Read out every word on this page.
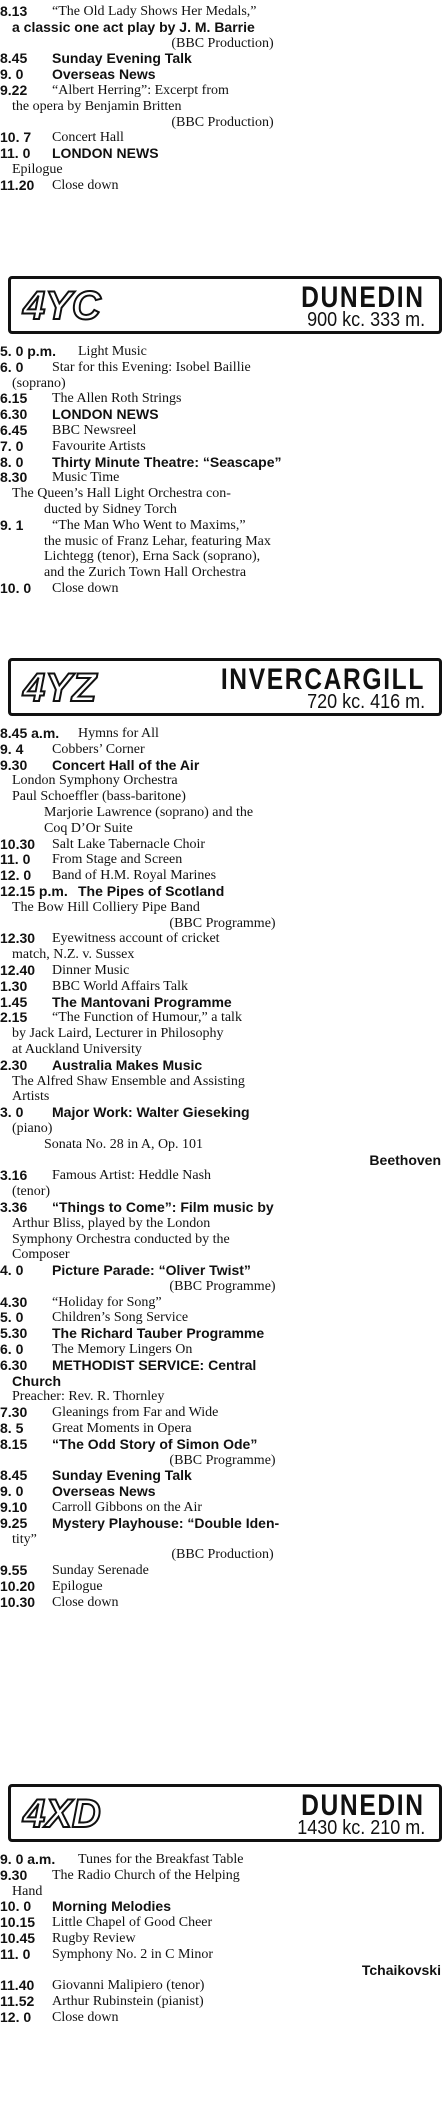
8.13 “The Old Lady Shows Her Medals,”
a classic one act play by J. M. Barrie
(BBC Production)
8.45 Sunday Evening Talk
9. 0 Overseas News
9.22 “Albert Herring”: Excerpt from
the opera by Benjamin Britten
(BBC Production)
10. 7 Concert Hall
11. 0 LONDON NEWS
Epilogue
11.20 Close down
4YC	DUNEDIN
900 kc. 333 m.
5. 0 p.m. Light Music
6. 0 Star for this Evening: Isobel Baillie
(soprano)
6.15 The Allen Roth Strings
6.30 LONDON NEWS
6.45 BBC Newsreel
7. 0 Favourite Artists
8. 0 Thirty Minute Theatre: “Seascape”
8.30 Music Time
The Queen’s Hall Light Orchestra con-
ducted by Sidney Torch
9. 1 “The Man Who Went to Maxims,”
the music of Franz Lehar, featuring Max
Lichtegg (tenor), Erna Sack (soprano),
and the Zurich Town Hall Orchestra
10. 0 Close down
4YZ	INVERCARGILL
720 kc. 416 m.
8.45 a.m. Hymns for All
9. 4 Cobbers’ Corner
9.30 Concert Hall of the Air
London Symphony Orchestra
Paul Schoeffler (bass-baritone)
Marjorie Lawrence (soprano) and the
Coq D’Or Suite
10.30 Salt Lake Tabernacle Choir
11. 0 From Stage and Screen
12. 0 Band of H.M. Royal Marines
12.15 p.m. The Pipes of Scotland
The Bow Hill Colliery Pipe Band
(BBC Programme)
12.30 Eyewitness account of cricket
match, N.Z. v. Sussex
12.40 Dinner Music
1.30 BBC World Affairs Talk
1.45 The Mantovani Programme
2.15 “The Function of Humour,” a talk
by Jack Laird, Lecturer in Philosophy
at Auckland University
2.30 Australia Makes Music
The Alfred Shaw Ensemble and Assisting
Artists
3. 0 Major Work: Walter Gieseking
(piano)
Sonata No. 28 in A, Op. 101
Beethoven
3.16 Famous Artist: Heddle Nash
(tenor)
3.36 “Things to Come”: Film music by
Arthur Bliss, played by the London
Symphony Orchestra conducted by the
Composer
4. 0 Picture Parade: “Oliver Twist”
(BBC Programme)
4.30 “Holiday for Song”
5. 0 Children’s Song Service
5.30 The Richard Tauber Programme
6. 0 The Memory Lingers On
6.30 METHODIST SERVICE: Central
Church
Preacher: Rev. R. Thornley
7.30 Gleanings from Far and Wide
8. 5 Great Moments in Opera
8.15 “The Odd Story of Simon Ode”
(BBC Programme)
8.45 Sunday Evening Talk
9. 0 Overseas News
9.10 Carroll Gibbons on the Air
9.25 Mystery Playhouse: “Double Iden-
tity”
(BBC Production)
9.55 Sunday Serenade
10.20 Epilogue
10.30 Close down
4XD	DUNEDIN
1430 kc. 210 m.
9. 0 a.m. Tunes for the Breakfast Table
9.30 The Radio Church of the Helping
Hand
10. 0 Morning Melodies
10.15 Little Chapel of Good Cheer
10.45 Rugby Review
11. 0 Symphony No. 2 in C Minor
Tchaikovski
11.40 Giovanni Malipiero (tenor)
11.52 Arthur Rubinstein (pianist)
12. 0 Close down
